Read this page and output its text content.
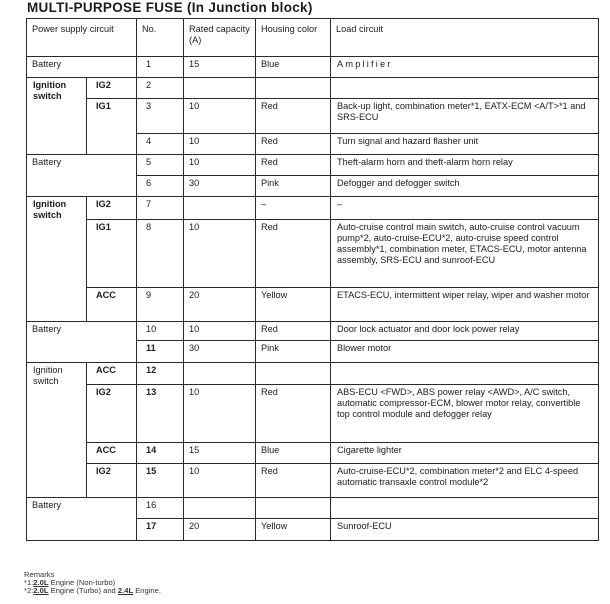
MULTI-PURPOSE FUSE (In Junction block)
Power supply circuit		No.	Rated capacity (A)	Housing color	Load circuit
Battery		1	15	Blue	Amplifier
Ignition switch	IG2	2			
	IG1	3	10	Red	Back-up light, combination meter*1, EATX-ECM <A/T>*1 and SRS-ECU
		4	10	Red	Turn signal and hazard flasher unit
Battery		5	10	Red	Theft-alarm horn and theft-alarm horn relay
		6	30	Pink	Defogger and defogger switch
Ignition switch	IG2	7		–	–
	IG1	8	10	Red	Auto-cruise control main switch, auto-cruise control vacuum pump*2, auto-cruise-ECU*2, auto-cruise speed control assembly*1, combination meter, ETACS-ECU, motor antenna assembly, SRS-ECU and sunroof-ECU
	ACC	9	20	Yellow	ETACS-ECU, intermittent wiper relay, wiper and washer motor
Battery		10	10	Red	Door lock actuator and door lock power relay
		11	30	Pink	Blower motor
Ignition switch	ACC	12			
	IG2	13	10	Red	ABS-ECU <FWD>, ABS power relay <AWD>, A/C switch, automatic compressor-ECM, blower motor relay, convertible top control module and defogger relay
	ACC	14	15	Blue	Cigarette lighter
	IG2	15	10	Red	Auto-cruise-ECU*2, combination meter*2 and ELC 4-speed automatic transaxle control module*2
Battery		16			
		17	20	Yellow	Sunroof-ECU
Remarks
*1:2.0L Engine (Non-turbo)
*2:2.0L Engine (Turbo) and 2.4L Engine.
